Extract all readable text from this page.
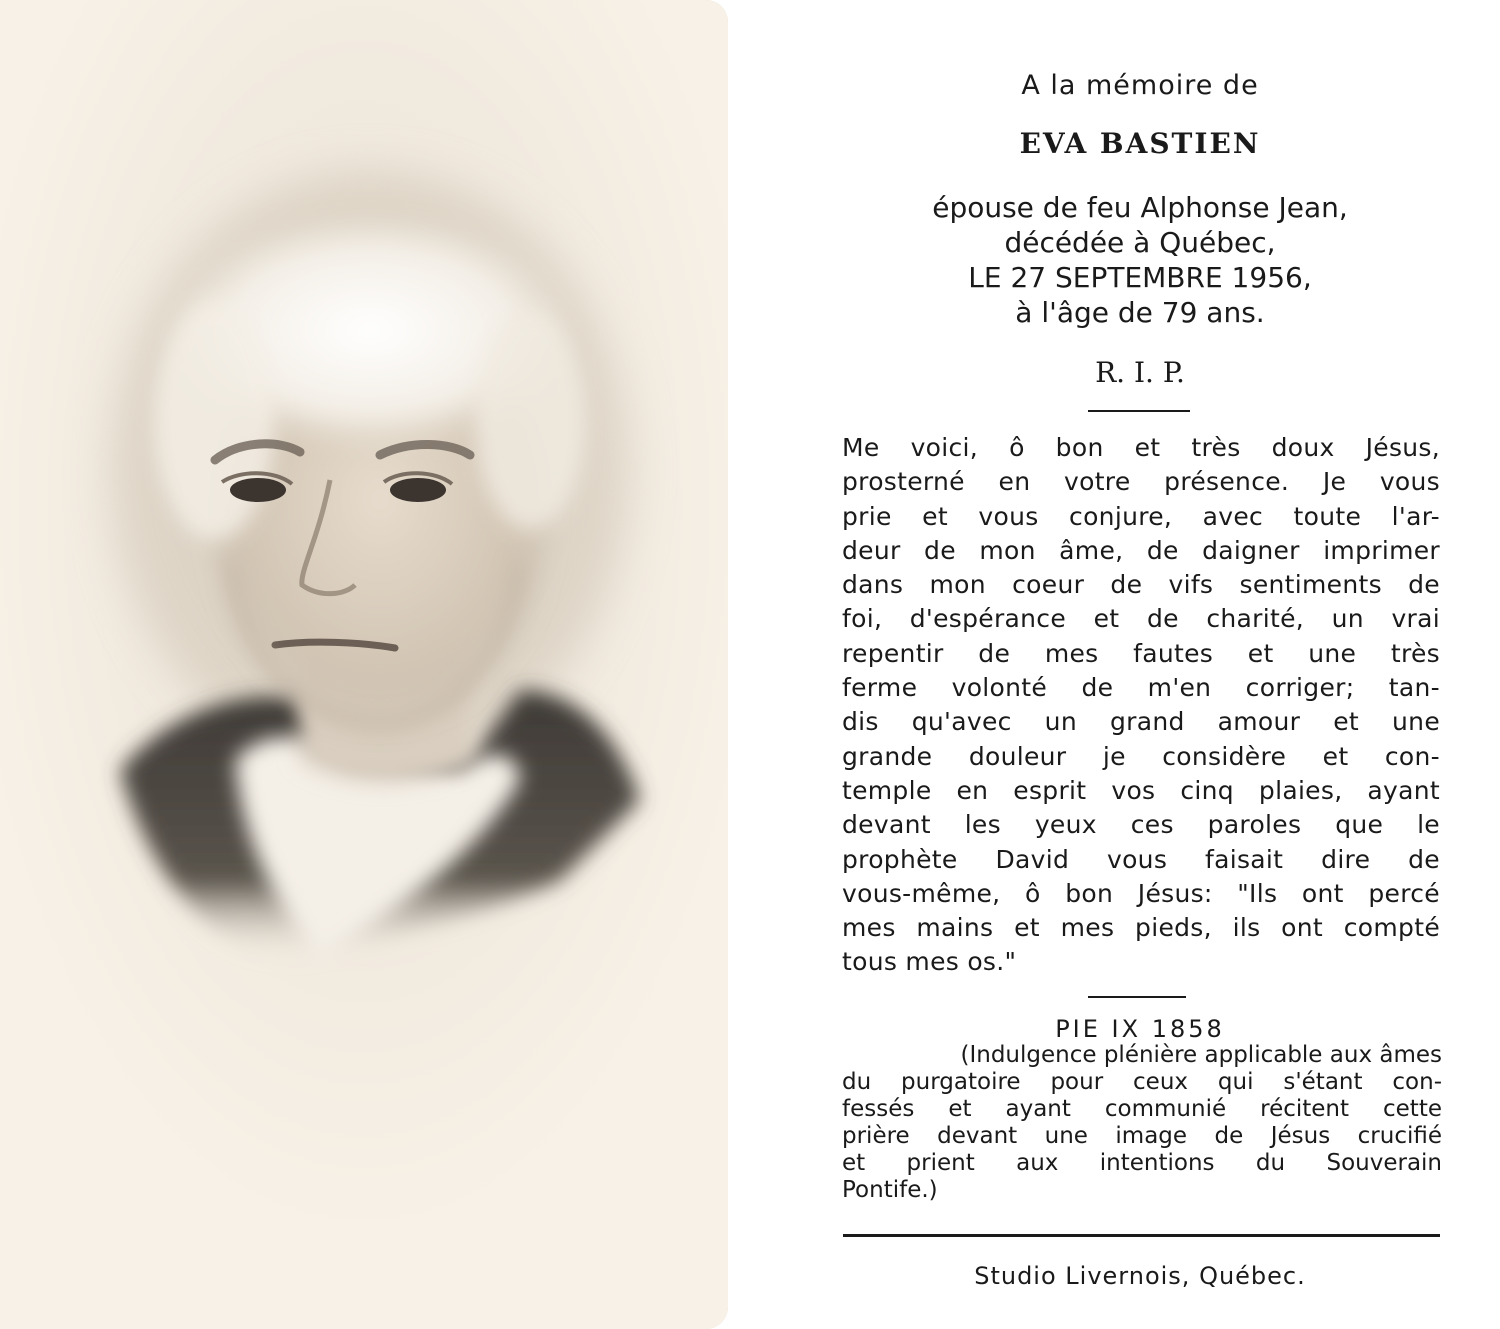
A la mémoire de
EVA BASTIEN
épouse de feu Alphonse Jean,
décédée à Québec,
LE 27 SEPTEMBRE 1956,
à l'âge de 79 ans.
R. I. P.
Me voici, ô bon et très doux Jésus,
prosterné en votre présence. Je vous
prie et vous conjure, avec toute l'ar-
deur de mon âme, de daigner imprimer
dans mon coeur de vifs sentiments de
foi, d'espérance et de charité, un vrai
repentir de mes fautes et une très
ferme volonté de m'en corriger; tan-
dis qu'avec un grand amour et une
grande douleur je considère et con-
temple en esprit vos cinq plaies, ayant
devant les yeux ces paroles que le
prophète David vous faisait dire de
vous-même, ô bon Jésus: "Ils ont percé
mes mains et mes pieds, ils ont compté
tous mes os."
PIE IX 1858
(Indulgence plénière applicable aux âmes
du purgatoire pour ceux qui s'étant con-
fessés et ayant communié récitent cette
prière devant une image de Jésus crucifié
et prient aux intentions du Souverain
Pontife.)
Studio Livernois, Québec.
